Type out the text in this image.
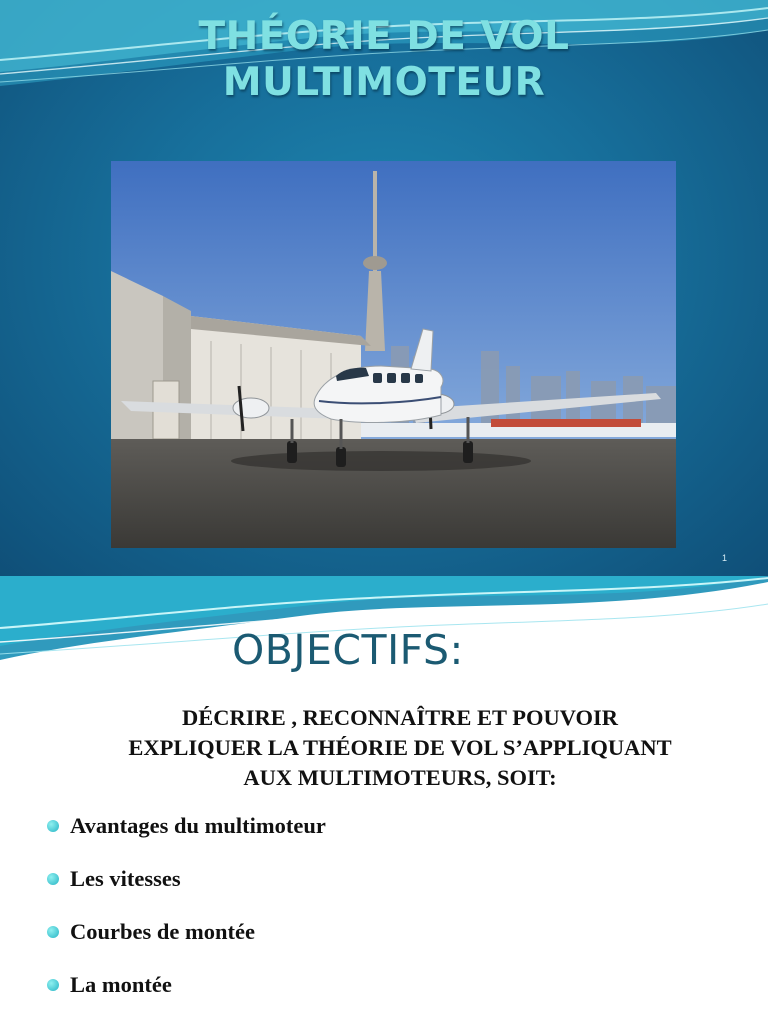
THÉORIE DE VOL
MULTIMOTEUR
1
OBJECTIFS:
DÉCRIRE , RECONNAÎTRE ET POUVOIR
EXPLIQUER LA THÉORIE DE VOL S’APPLIQUANT
AUX MULTIMOTEURS, SOIT:
Avantages du multimoteur
Les vitesses
Courbes de montée
La montée
